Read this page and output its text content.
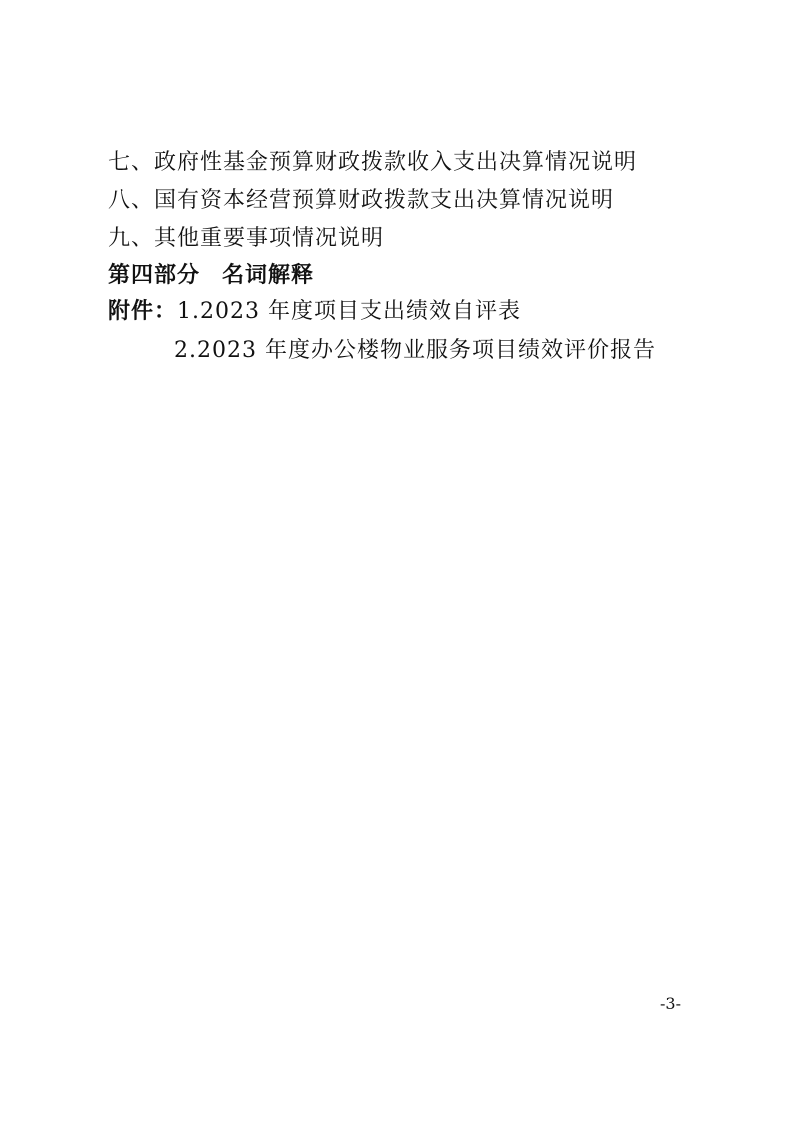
七、政府性基金预算财政拨款收入支出决算情况说明
八、国有资本经营预算财政拨款支出决算情况说明
九、其他重要事项情况说明
第四部分 名词解释
附件：1.2023 年度项目支出绩效自评表
2.2023 年度办公楼物业服务项目绩效评价报告
-3-
